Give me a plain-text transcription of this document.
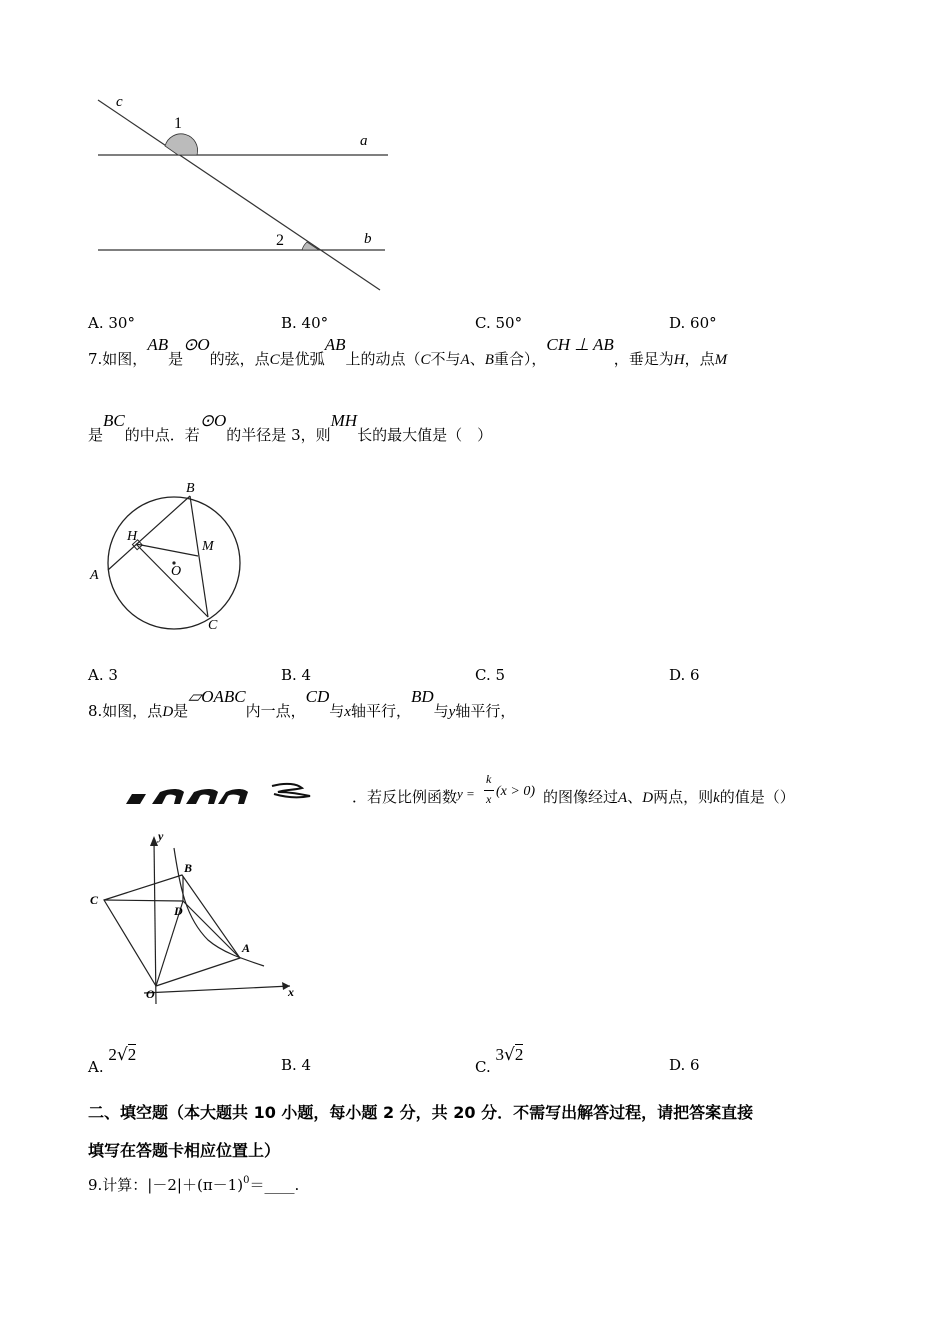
c
1
a
2	b
A. 30°	B. 40°	C. 50°	D. 60°
7.如图，AB是⊙O的弦，点C是优弧AB上的动点（C不与A、B重合），CH ⊥ AB，垂足为H，点M
是BC的中点．若⊙O的半径是 3，则MH长的最大值是（　）
B
H
M
A	O
C
A. 3	B. 4	C. 5	D. 6
8.如图，点D是▱OABC内一点，CD与x轴平行，BD与y轴平行，
．若反比例函数 y =
k
x (x > 0) 的图像经过A、D两点，则k的值是（）
y
B
C
D
A
O	x
A. 2√2
B. 4	C. 3√2
D. 6
二、填空题（本大题共 10 小题，每小题 2 分，共 20 分．不需写出解答过程，请把答案直接
填写在答题卡相应位置上）
9.计算：$|-2|+(\pi-1)^0=\_\_\_\_$.
